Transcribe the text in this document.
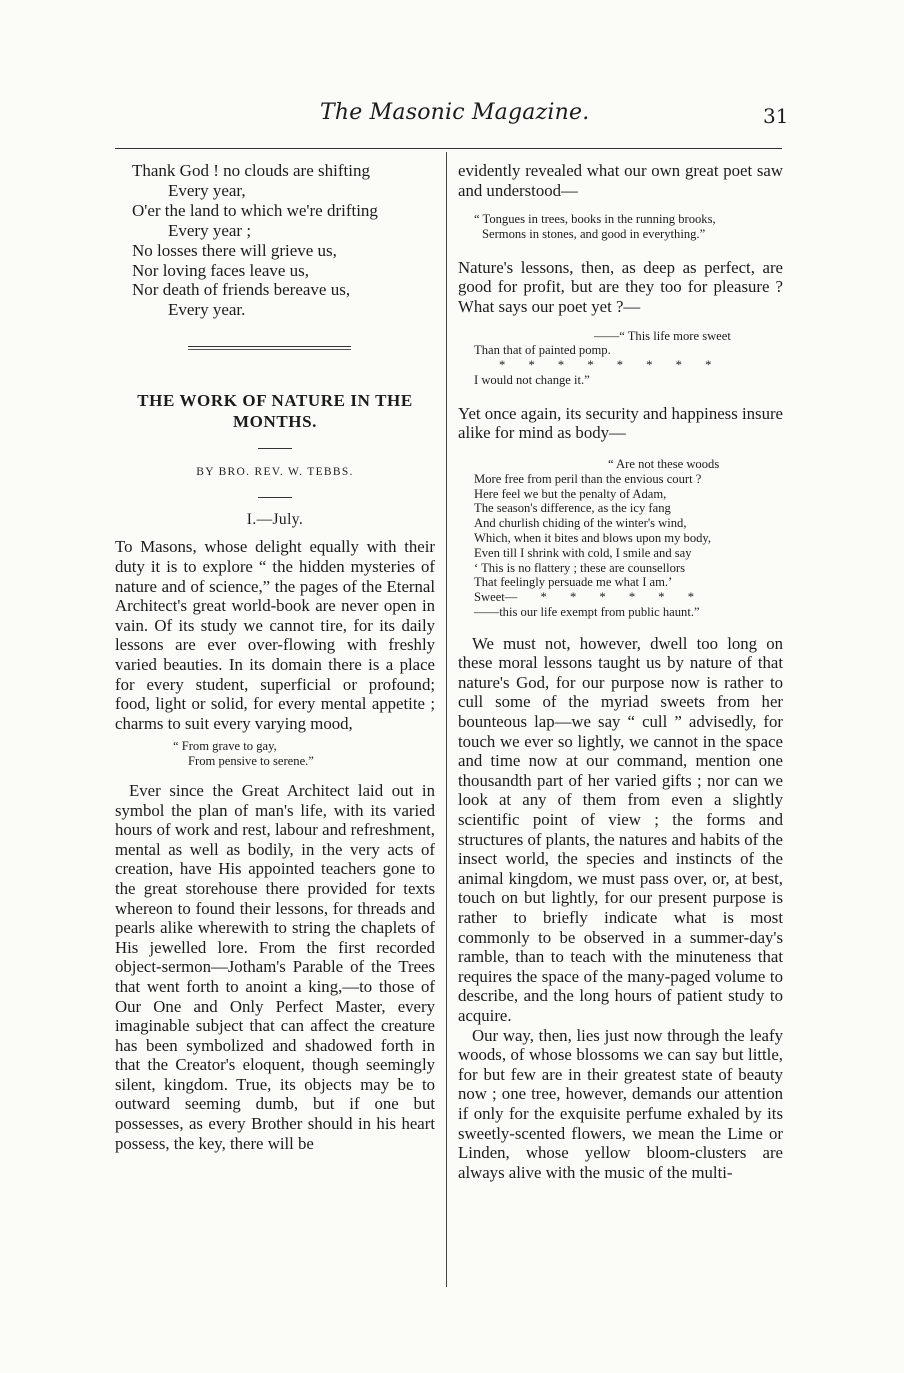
The Masonic Magazine.	31
Thank God ! no clouds are shifting
Every year,
O'er the land to which we're drifting
Every year ;
No losses there will grieve us,
Nor loving faces leave us,
Nor death of friends bereave us,
Every year.
THE WORK OF NATURE IN THE
MONTHS.

BY BRO. REV. W. TEBBS.

I.—July.

To Masons, whose delight equally with their duty it is to explore “ the hidden mysteries of nature and of science,” the pages of the Eternal Architect's great world-book are never open in vain. Of its study we cannot tire, for its daily lessons are ever over-flowing with freshly varied beauties. In its domain there is a place for every student, superficial or profound; food, light or solid, for every mental appetite ; charms to suit every varying mood,

“ From grave to gay,
From pensive to serene.”

Ever since the Great Architect laid out in symbol the plan of man's life, with its varied hours of work and rest, labour and refreshment, mental as well as bodily, in the very acts of creation, have His appointed teachers gone to the great storehouse there provided for texts whereon to found their lessons, for threads and pearls alike wherewith to string the chaplets of His jewelled lore. From the first recorded object-sermon—Jotham's Parable of the Trees that went forth to anoint a king,—to those of Our One and Only Perfect Master, every imaginable subject that can affect the creature has been symbolized and shadowed forth in that the Creator's eloquent, though seemingly silent, kingdom. True, its objects may be to outward seeming dumb, but if one but possesses, as every Brother should in his heart possess, the key, there will be

evidently revealed what our own great poet saw and understood—

“ Tongues in trees, books in the running brooks,
Sermons in stones, and good in everything.”

Nature's lessons, then, as deep as perfect, are good for profit, but are they too for pleasure ? What says our poet yet ?—

——“ This life more sweet
Than that of painted pomp.
* * * * * * * *
I would not change it.”

Yet once again, its security and happiness insure alike for mind as body—

“ Are not these woods
More free from peril than the envious court ?
Here feel we but the penalty of Adam,
The season's difference, as the icy fang
And churlish chiding of the winter's wind,
Which, when it bites and blows upon my body,
Even till I shrink with cold, I smile and say
‘ This is no flattery ; these are counsellors
That feelingly persuade me what I am.’
Sweet— * * * * * *
——this our life exempt from public haunt.”

We must not, however, dwell too long on these moral lessons taught us by nature of that nature's God, for our purpose now is rather to cull some of the myriad sweets from her bounteous lap—we say “ cull ” advisedly, for touch we ever so lightly, we cannot in the space and time now at our command, mention one thousandth part of her varied gifts ; nor can we look at any of them from even a slightly scientific point of view ; the forms and structures of plants, the natures and habits of the insect world, the species and instincts of the animal kingdom, we must pass over, or, at best, touch on but lightly, for our present purpose is rather to briefly indicate what is most commonly to be observed in a summer-day's ramble, than to teach with the minuteness that requires the space of the many-paged volume to describe, and the long hours of patient study to acquire.

Our way, then, lies just now through the leafy woods, of whose blossoms we can say but little, for but few are in their greatest state of beauty now ; one tree, however, demands our attention if only for the exquisite perfume exhaled by its sweetly-scented flowers, we mean the Lime or Linden, whose yellow bloom-clusters are always alive with the music of the multi-
